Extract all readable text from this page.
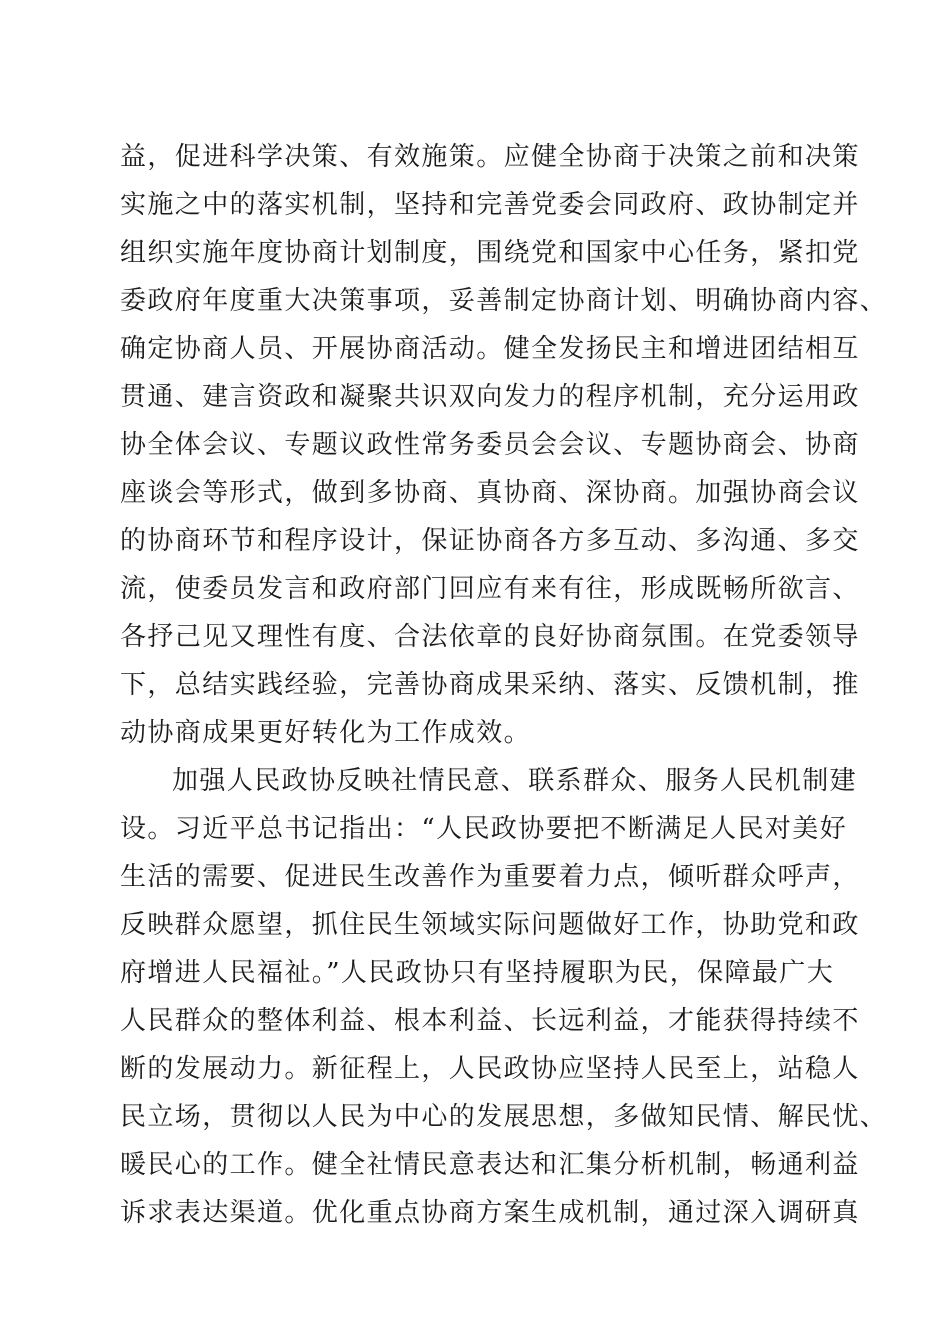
益，促进科学决策、有效施策。应健全协商于决策之前和决策
实施之中的落实机制，坚持和完善党委会同政府、政协制定并
组织实施年度协商计划制度，围绕党和国家中心任务，紧扣党
委政府年度重大决策事项，妥善制定协商计划、明确协商内容、
确定协商人员、开展协商活动。健全发扬民主和增进团结相互
贯通、建言资政和凝聚共识双向发力的程序机制，充分运用政
协全体会议、专题议政性常务委员会会议、专题协商会、协商
座谈会等形式，做到多协商、真协商、深协商。加强协商会议
的协商环节和程序设计，保证协商各方多互动、多沟通、多交
流，使委员发言和政府部门回应有来有往，形成既畅所欲言、
各抒己见又理性有度、合法依章的良好协商氛围。在党委领导
下，总结实践经验，完善协商成果采纳、落实、反馈机制，推
动协商成果更好转化为工作成效。
加强人民政协反映社情民意、联系群众、服务人民机制建
设。习近平总书记指出：“人民政协要把不断满足人民对美好
生活的需要、促进民生改善作为重要着力点，倾听群众呼声，
反映群众愿望，抓住民生领域实际问题做好工作，协助党和政
府增进人民福祉。”人民政协只有坚持履职为民，保障最广大
人民群众的整体利益、根本利益、长远利益，才能获得持续不
断的发展动力。新征程上，人民政协应坚持人民至上，站稳人
民立场，贯彻以人民为中心的发展思想，多做知民情、解民忧、
暖民心的工作。健全社情民意表达和汇集分析机制，畅通利益
诉求表达渠道。优化重点协商方案生成机制，通过深入调研真
